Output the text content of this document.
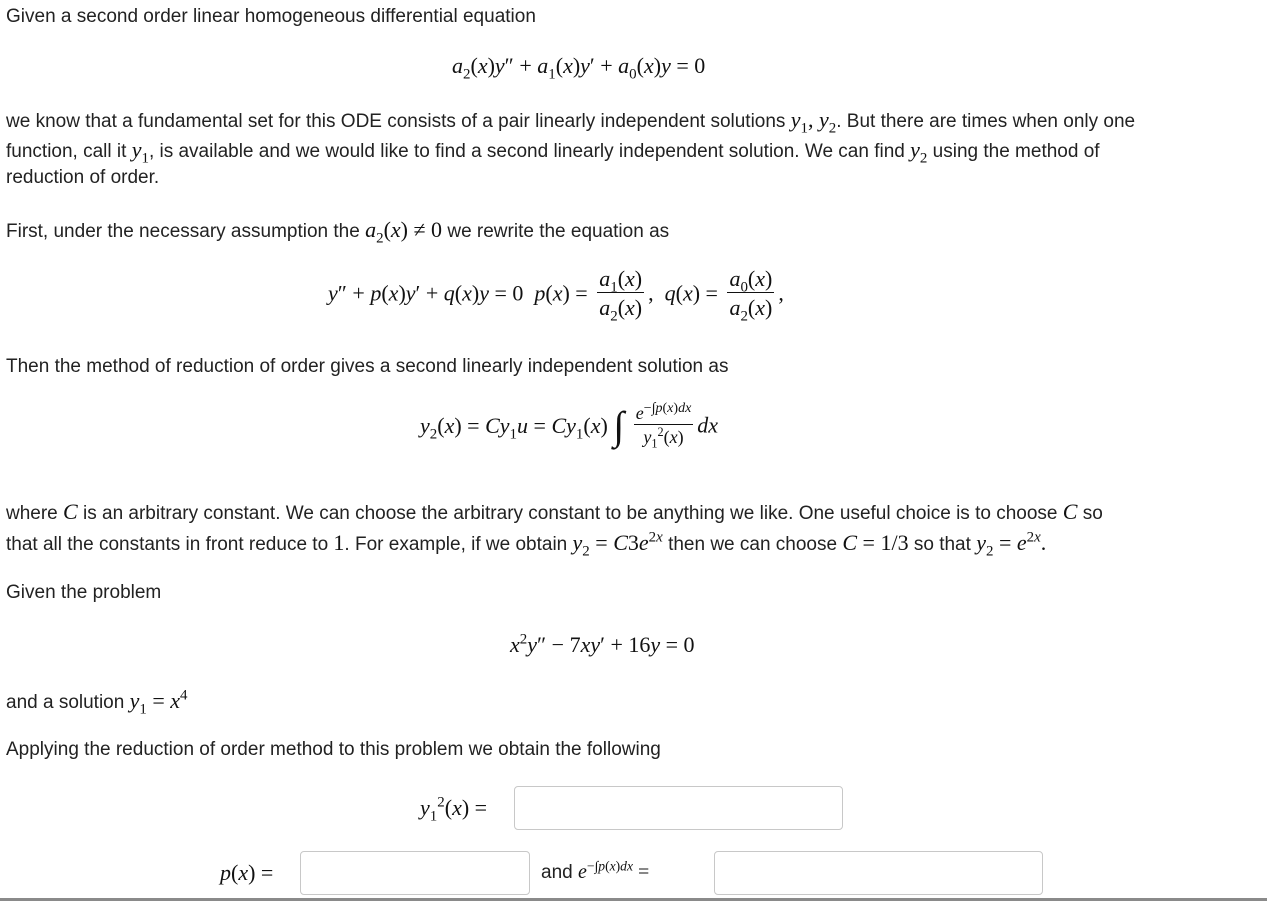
Given a second order linear homogeneous differential equation
$a_2(x)y'' + a_1(x)y' + a_0(x)y = 0$
we know that a fundamental set for this ODE consists of a pair linearly independent solutions $y_1$, $y_2$. But there are times when only one
function, call it $y_1$, is available and we would like to find a second linearly independent solution. We can find $y_2$ using the method of
reduction of order.
First, under the necessary assumption the $a_2(x) \ne 0$ we rewrite the equation as
y″ + p(x)y′ + q(x)y = 0  $p(x) = \frac{a_1(x)}{a_2(x)}$ ,  $q(x) = \frac{a_0(x)}{a_2(x)}$ ,
Then the method of reduction of order gives a second linearly independent solution as
$y_2(x) = Cy_1u = Cy_1(x)$ ∫ $\frac{e^{-\int p(x)dx}}{y_1^2(x)}$ dx
where C is an arbitrary constant. We can choose the arbitrary constant to be anything we like. One useful choice is to choose C so
that all the constants in front reduce to 1. For example, if we obtain $y_2 = C3e^{2x}$ then we can choose C = 1/3 so that $y_2 = e^{2x}$.
Given the problem
$x^2y'' - 7xy' + 16y = 0$
and a solution $y_1 = x^4$
Applying the reduction of order method to this problem we obtain the following
$y_1^2(x)$ =
p(x) =	and $e^{-\int p(x)dx}$ =
